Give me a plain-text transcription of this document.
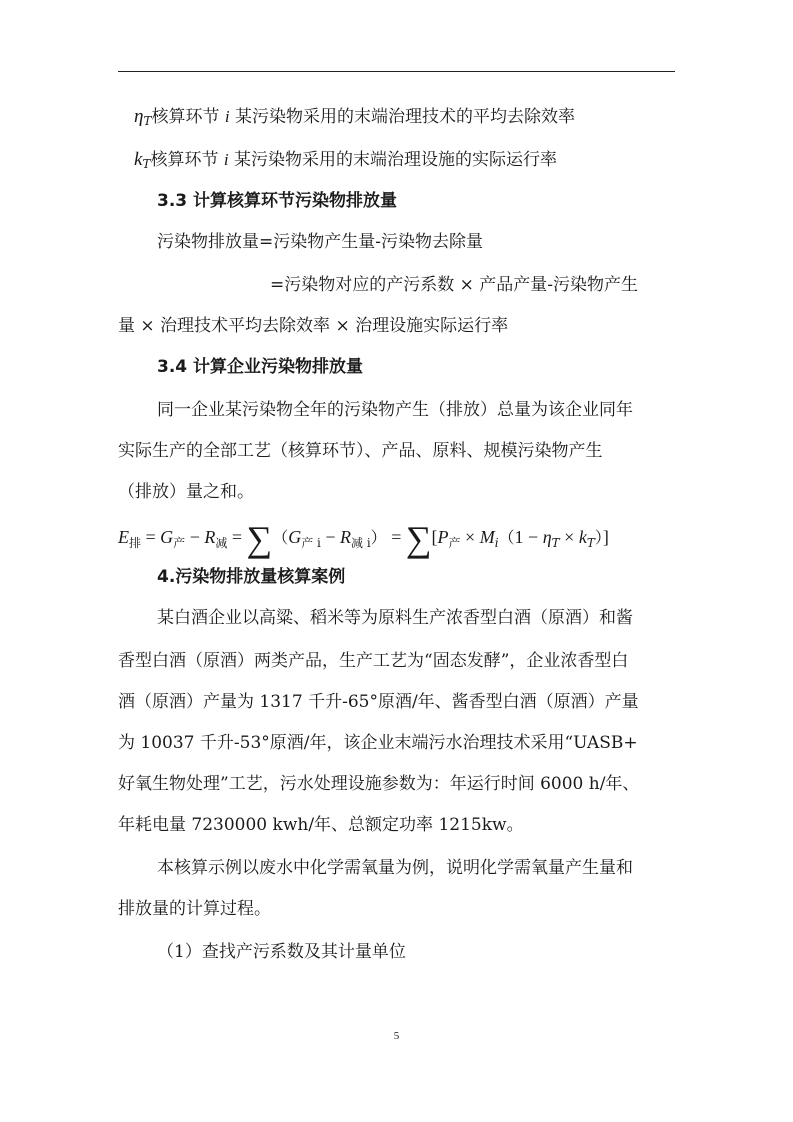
$\eta_T$核算环节 i 某污染物采用的末端治理技术的平均去除效率
$k_T$核算环节 i 某污染物采用的末端治理设施的实际运行率
3.3 计算核算环节污染物排放量
污染物排放量=污染物产生量-污染物去除量
=污染物对应的产污系数 × 产品产量-污染物产生
量 × 治理技术平均去除效率 × 治理设施实际运行率
3.4 计算企业污染物排放量
同一企业某污染物全年的污染物产生（排放）总量为该企业同年
实际生产的全部工艺（核算环节）、产品、原料、规模污染物产生
（排放）量之和。
$E_排 = G_产 - R_减 = \sum(G_{产 i} - R_{减 i}) = \sum[P_产 \times M_i(1 - \eta_T \times k_T)]$
4.污染物排放量核算案例
某白酒企业以高粱、稻米等为原料生产浓香型白酒（原酒）和酱
香型白酒（原酒）两类产品，生产工艺为“固态发酵”，企业浓香型白
酒（原酒）产量为 1317 千升-65°原酒/年、酱香型白酒（原酒）产量
为 10037 千升-53°原酒/年，该企业末端污水治理技术采用“UASB+
好氧生物处理”工艺，污水处理设施参数为：年运行时间 6000 h/年、
年耗电量 7230000 kwh/年、总额定功率 1215kw。
本核算示例以废水中化学需氧量为例，说明化学需氧量产生量和
排放量的计算过程。
（1）查找产污系数及其计量单位
5
